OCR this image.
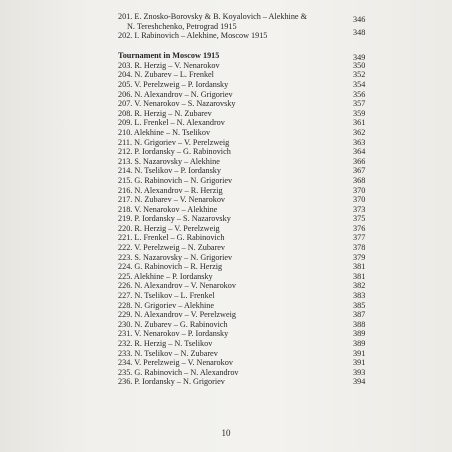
201. E. Znosko-Borovsky & B. Koyalovich – Alekhine &	346
N. Tereshchenko, Petrograd 1915
202. I. Rabinovich – Alekhine, Moscow 1915	348
Tournament in Moscow 1915	349
203. R. Herzig – V. Nenarokov	350
204. N. Zubarev – L. Frenkel	352
205. V. Perelzweig – P. Iordansky	354
206. N. Alexandrov – N. Grigoriev	356
207. V. Nenarokov – S. Nazarovsky	357
208. R. Herzig – N. Zubarev	359
209. L. Frenkel – N. Alexandrov	361
210. Alekhine – N. Tselikov	362
211. N. Grigoriev – V. Perelzweig	363
212. P. Iordansky – G. Rabinovich	364
213. S. Nazarovsky – Alekhine	366
214. N. Tselikov – P. Iordansky	367
215. G. Rabinovich – N. Grigoriev	368
216. N. Alexandrov – R. Herzig	370
217. N. Zubarev – V. Nenarokov	370
218. V. Nenarokov – Alekhine	373
219. P. Iordansky – S. Nazarovsky	375
220. R. Herzig – V. Perelzweig	376
221. L. Frenkel – G. Rabinovich	377
222. V. Perelzweig – N. Zubarev	378
223. S. Nazarovsky – N. Grigoriev	379
224. G. Rabinovich – R. Herzig	381
225. Alekhine – P. Iordansky	381
226. N. Alexandrov – V. Nenarokov	382
227. N. Tselikov – L. Frenkel	383
228. N. Grigoriev – Alekhine	385
229. N. Alexandrov – V. Perelzweig	387
230. N. Zubarev – G. Rabinovich	388
231. V. Nenarokov – P. Iordansky	389
232. R. Herzig – N. Tselikov	389
233. N. Tselikov – N. Zubarev	391
234. V. Perelzweig – V. Nenarokov	391
235. G. Rabinovich – N. Alexandrov	393
236. P. Iordansky – N. Grigoriev	394
10
